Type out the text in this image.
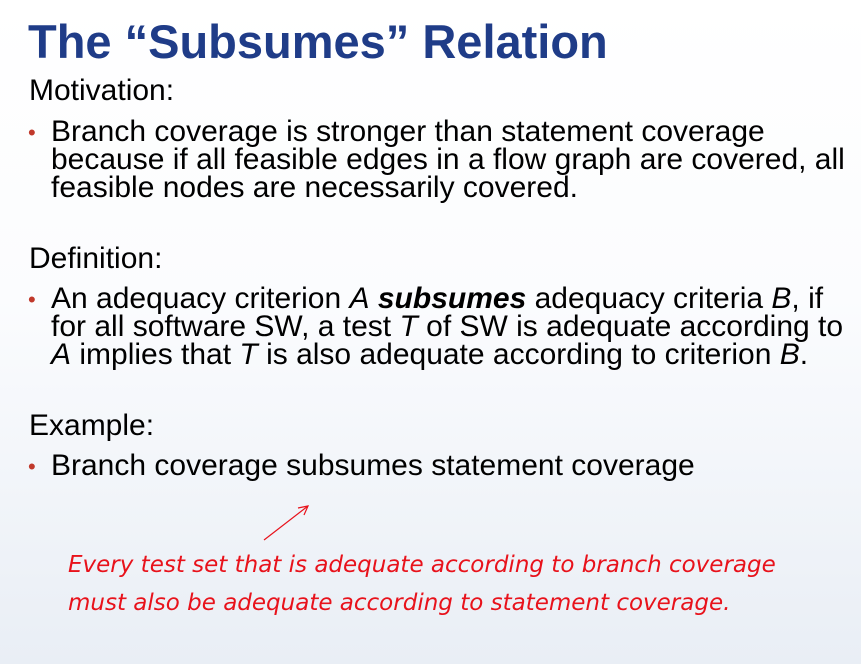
The “Subsumes” Relation

Motivation:

• Branch coverage is stronger than statement coverage because if all feasible edges in a flow graph are covered, all feasible nodes are necessarily covered.

Definition:

• An adequacy criterion A subsumes adequacy criteria B, if for all software SW, a test T of SW is adequate according to A implies that T is also adequate according to criterion B.

Example:

• Branch coverage subsumes statement coverage

Every test set that is adequate according to branch coverage
must also be adequate according to statement coverage.
